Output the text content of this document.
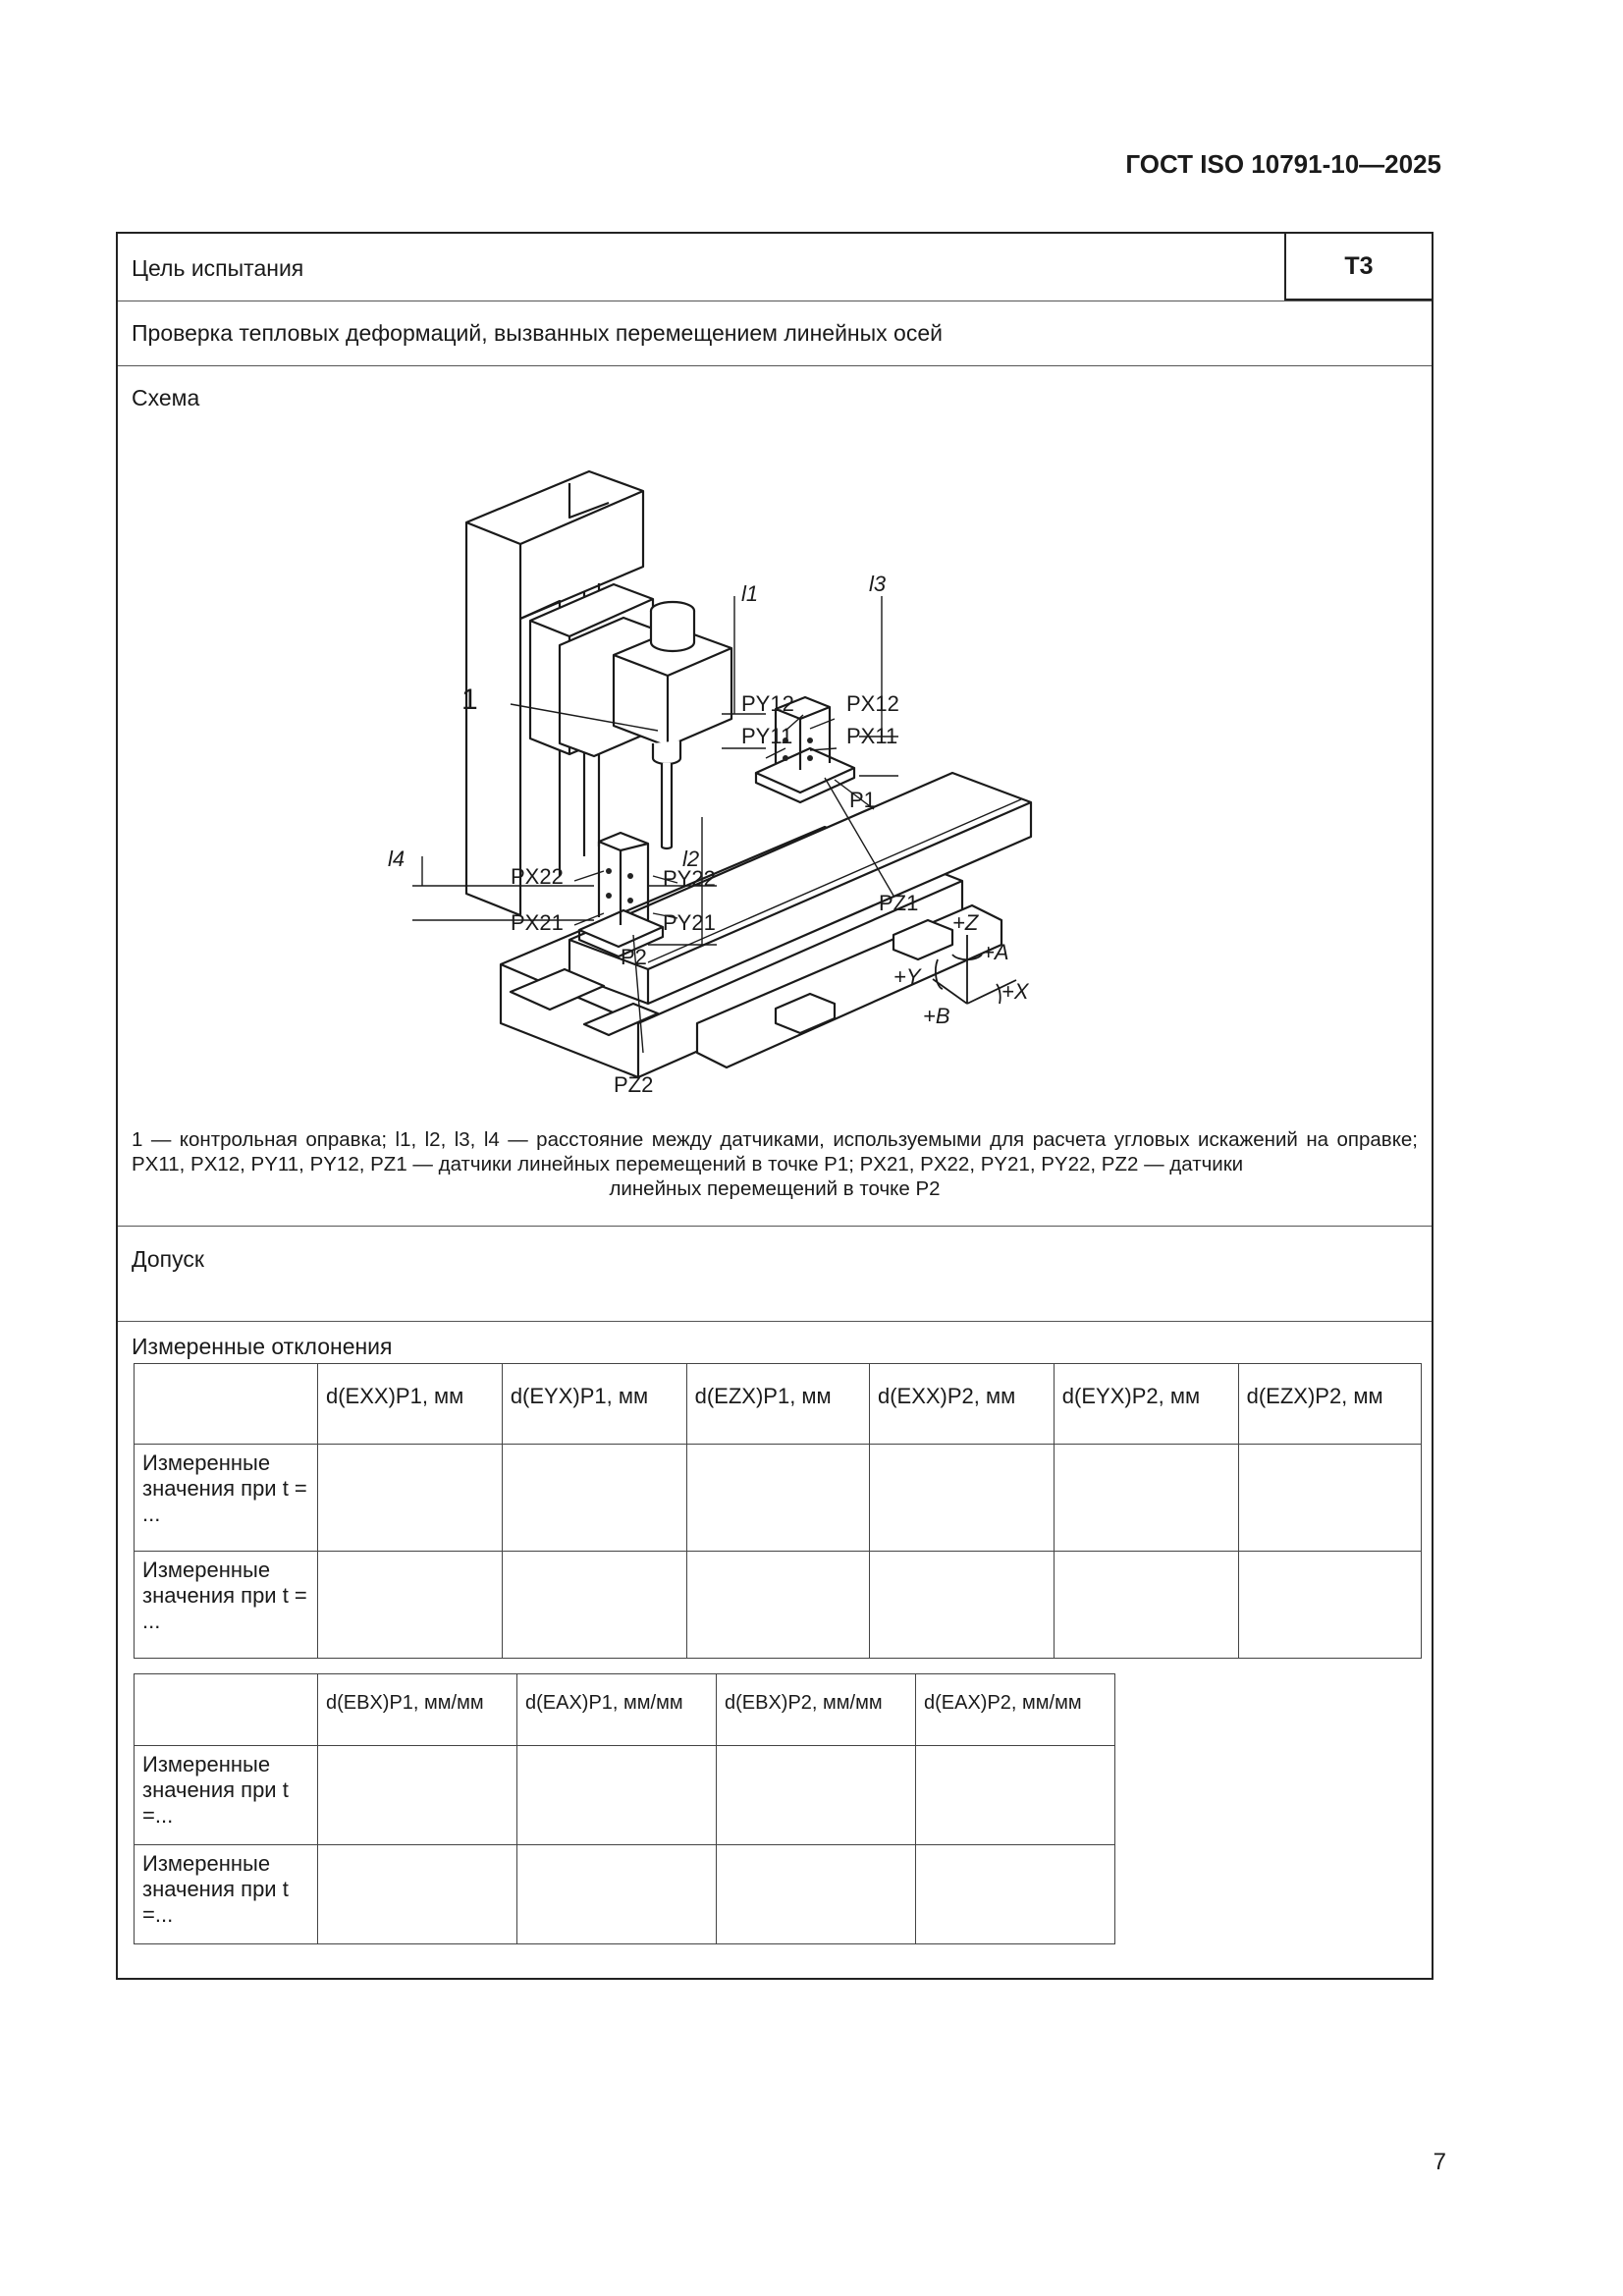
ГОСТ ISO 10791-10—2025
Цель испытания	Т3
Проверка тепловых деформаций, вызванных перемещением линейных осей
Схема
1
l1	l3
l4	l2
PY12
PY11
PX12
PX11
P1
PZ1
PX22	PY22
PX21	PY21
P2
PZ2
+Z
+A
+Y
+X
+B
1 — контрольная оправка; l1, l2, l3, l4 — расстояние между датчиками, используемыми для расчета угловых искажений на оправке; PX11, PX12, PY11, PY12, PZ1 — датчики линейных перемещений в точке P1; PX21, PX22, PY21, PY22, PZ2 — датчики
линейных перемещений в точке P2
Допуск
Измеренные отклонения
	d(EXX)P1, мм	d(EYX)P1, мм	d(EZX)P1, мм	d(EXX)P2, мм	d(EYX)P2, мм	d(EZX)P2, мм
Измеренные значения при t = ...						
Измеренные значения при t = ...						
	d(EBX)P1, мм/мм	d(EAX)P1, мм/мм	d(EBX)P2, мм/мм	d(EAX)P2, мм/мм
Измеренные значения при t =...				
Измеренные значения при t =...				
7
